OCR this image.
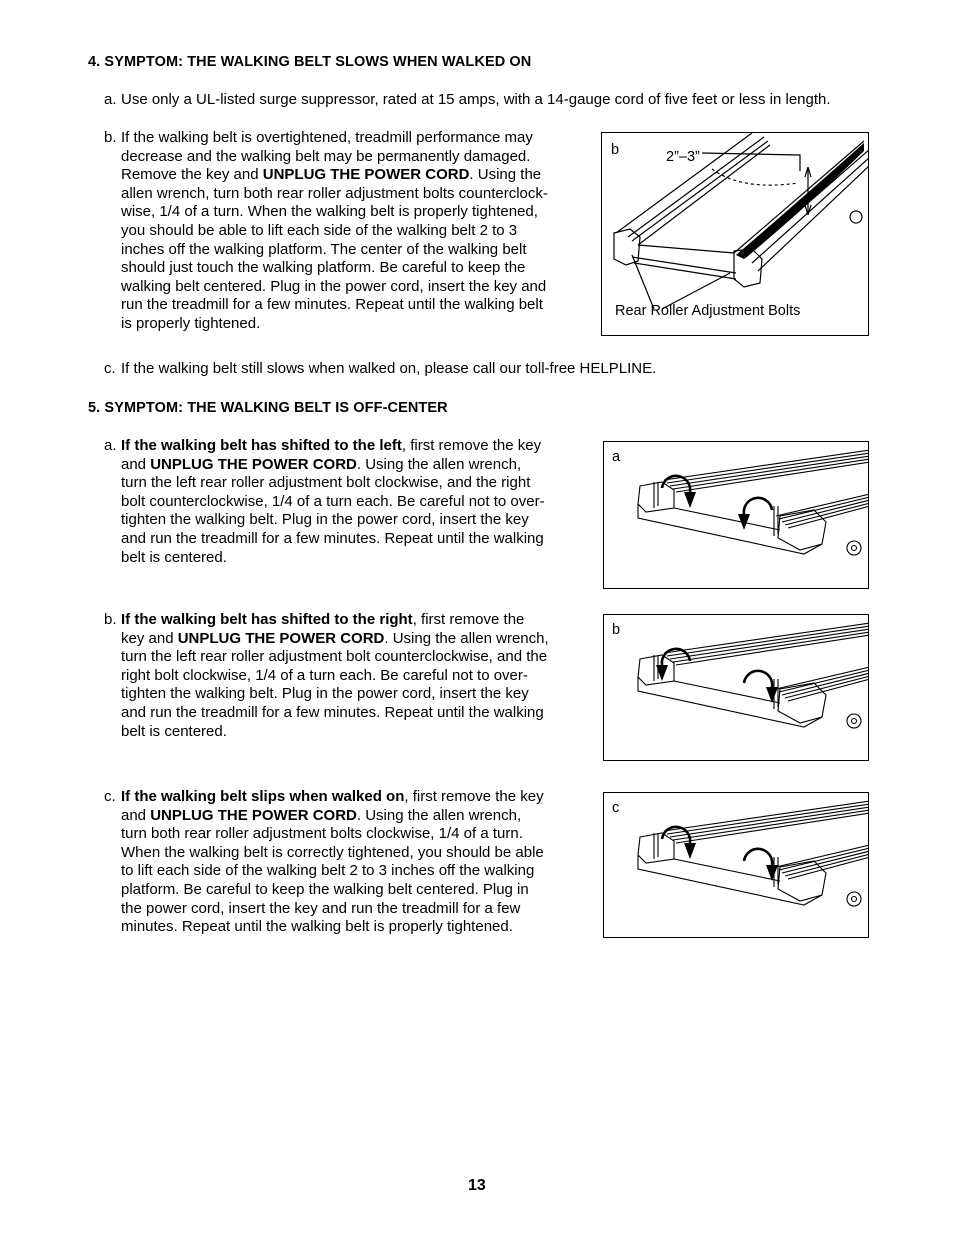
4. SYMPTOM: THE WALKING BELT SLOWS WHEN WALKED ON
a. Use only a UL-listed surge suppressor, rated at 15 amps, with a 14-gauge cord of five feet or less in length.
b. If the walking belt is overtightened, treadmill performance may
decrease and the walking belt may be permanently damaged.
Remove the key and UNPLUG THE POWER CORD. Using the
allen wrench, turn both rear roller adjustment bolts counterclock-
wise, 1/4 of a turn. When the walking belt is properly tightened,
you should be able to lift each side of the walking belt 2 to 3
inches off the walking platform. The center of the walking belt
should just touch the walking platform. Be careful to keep the
walking belt centered. Plug in the power cord, insert the key and
run the treadmill for a few minutes. Repeat until the walking belt
is properly tightened.
b	2”–3”
Rear Roller Adjustment Bolts
c. If the walking belt still slows when walked on, please call our toll-free HELPLINE.
5. SYMPTOM: THE WALKING BELT IS OFF-CENTER
a. If the walking belt has shifted to the left, first remove the key
and UNPLUG THE POWER CORD. Using the allen wrench,
turn the left rear roller adjustment bolt clockwise, and the right
bolt counterclockwise, 1/4 of a turn each. Be careful not to over-
tighten the walking belt. Plug in the power cord, insert the key
and run the treadmill for a few minutes. Repeat until the walking
belt is centered.
b. If the walking belt has shifted to the right, first remove the
key and UNPLUG THE POWER CORD. Using the allen wrench,
turn the left rear roller adjustment bolt counterclockwise, and the
right bolt clockwise, 1/4 of a turn each. Be careful not to over-
tighten the walking belt. Plug in the power cord, insert the key
and run the treadmill for a few minutes. Repeat until the walking
belt is centered.
c. If the walking belt slips when walked on, first remove the key
and UNPLUG THE POWER CORD. Using the allen wrench,
turn both rear roller adjustment bolts clockwise, 1/4 of a turn.
When the walking belt is correctly tightened, you should be able
to lift each side of the walking belt 2 to 3 inches off the walking
platform. Be careful to keep the walking belt centered. Plug in
the power cord, insert the key and run the treadmill for a few
minutes. Repeat until the walking belt is properly tightened.
a
b
c
13
